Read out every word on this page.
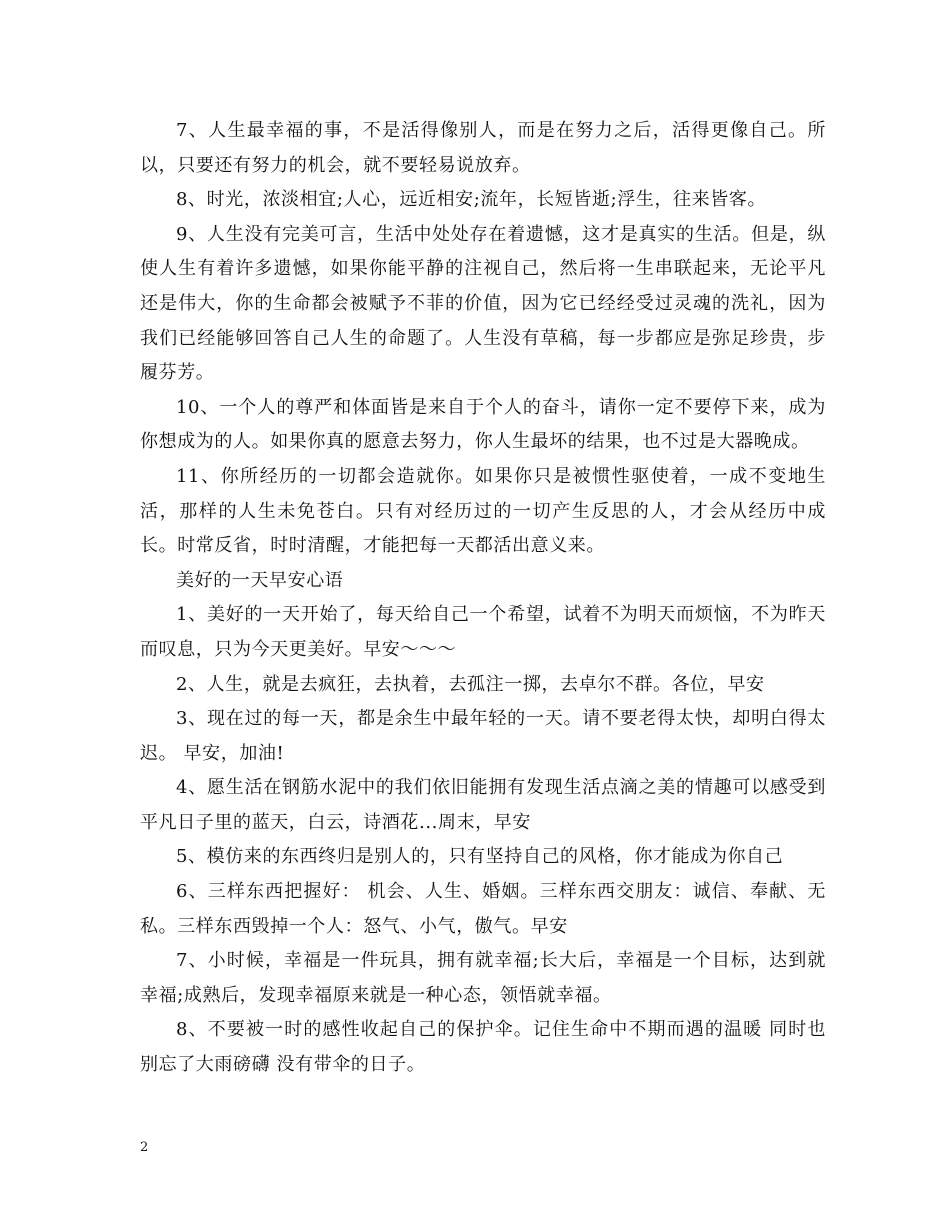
7、人生最幸福的事，不是活得像别人，而是在努力之后，活得更像自己。所以，只要还有努力的机会，就不要轻易说放弃。

8、时光，浓淡相宜;人心，远近相安;流年，长短皆逝;浮生，往来皆客。

9、人生没有完美可言，生活中处处存在着遗憾，这才是真实的生活。但是，纵使人生有着许多遗憾，如果你能平静的注视自己，然后将一生串联起来，无论平凡还是伟大，你的生命都会被赋予不菲的价值，因为它已经经受过灵魂的洗礼，因为我们已经能够回答自己人生的命题了。人生没有草稿，每一步都应是弥足珍贵，步履芬芳。

10、一个人的尊严和体面皆是来自于个人的奋斗，请你一定不要停下来，成为你想成为的人。如果你真的愿意去努力，你人生最坏的结果，也不过是大器晚成。

11、你所经历的一切都会造就你。如果你只是被惯性驱使着，一成不变地生活，那样的人生未免苍白。只有对经历过的一切产生反思的人，才会从经历中成长。时常反省，时时清醒，才能把每一天都活出意义来。

美好的一天早安心语

1、美好的一天开始了，每天给自己一个希望，试着不为明天而烦恼，不为昨天而叹息，只为今天更美好。早安～～～

2、人生，就是去疯狂，去执着，去孤注一掷，去卓尔不群。各位，早安

3、现在过的每一天，都是余生中最年轻的一天。请不要老得太快，却明白得太迟。 早安，加油!

4、愿生活在钢筋水泥中的我们依旧能拥有发现生活点滴之美的情趣可以感受到平凡日子里的蓝天，白云，诗酒花...周末，早安

5、模仿来的东西终归是别人的，只有坚持自己的风格，你才能成为你自己

6、三样东西把握好： 机会、人生、婚姻。三样东西交朋友：诚信、奉献、无私。三样东西毁掉一个人：怒气、小气，傲气。早安

7、小时候，幸福是一件玩具，拥有就幸福;长大后，幸福是一个目标，达到就幸福;成熟后，发现幸福原来就是一种心态，领悟就幸福。

8、不要被一时的感性收起自己的保护伞。记住生命中不期而遇的温暖 同时也别忘了大雨磅礴 没有带伞的日子。

2
